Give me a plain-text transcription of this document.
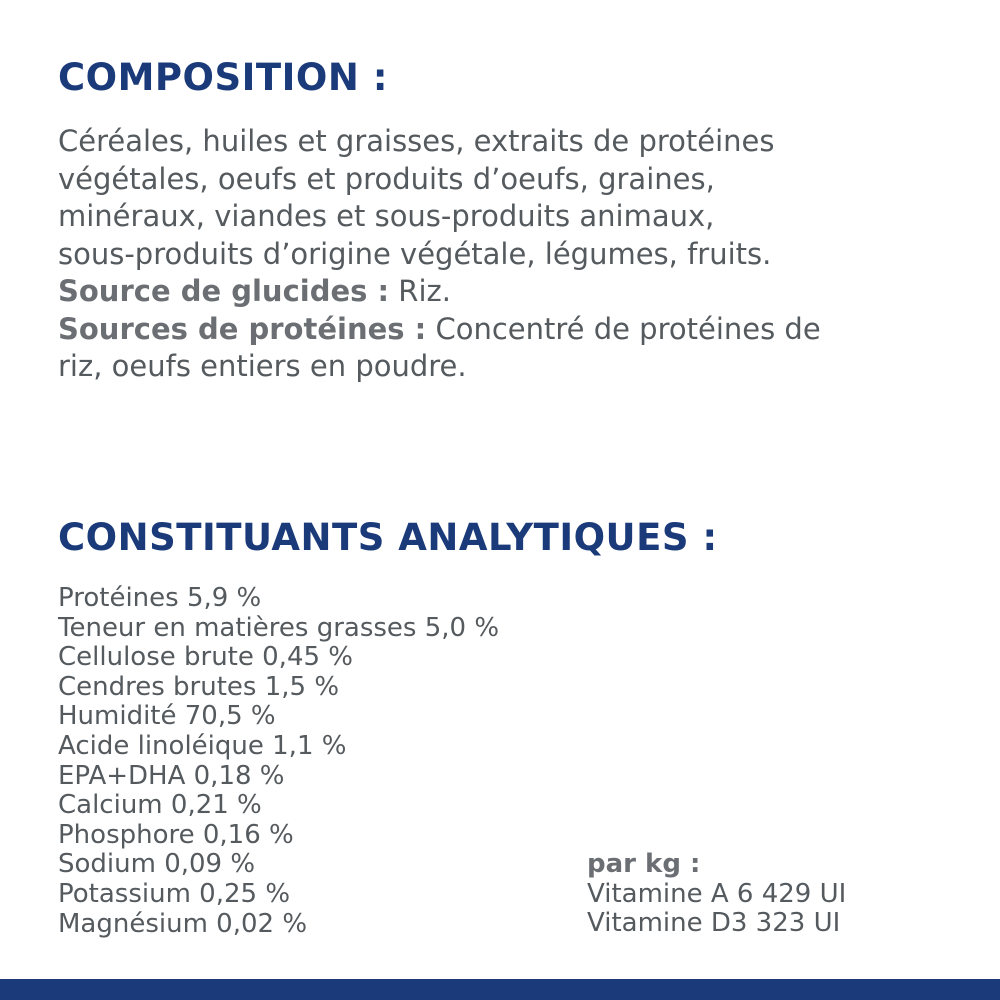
COMPOSITION :
Céréales, huiles et graisses, extraits de protéines
végétales, oeufs et produits d’oeufs, graines,
minéraux, viandes et sous-produits animaux,
sous-produits d’origine végétale, légumes, fruits.
Source de glucides : Riz.
Sources de protéines : Concentré de protéines de
riz, oeufs entiers en poudre.
CONSTITUANTS ANALYTIQUES :
Protéines 5,9 %
Teneur en matières grasses 5,0 %
Cellulose brute 0,45 %
Cendres brutes 1,5 %
Humidité 70,5 %
Acide linoléique 1,1 %
EPA+DHA 0,18 %
Calcium 0,21 %
Phosphore 0,16 %
Sodium 0,09 %
Potassium 0,25 %
Magnésium 0,02 %
par kg :
Vitamine A 6 429 UI
Vitamine D3 323 UI
